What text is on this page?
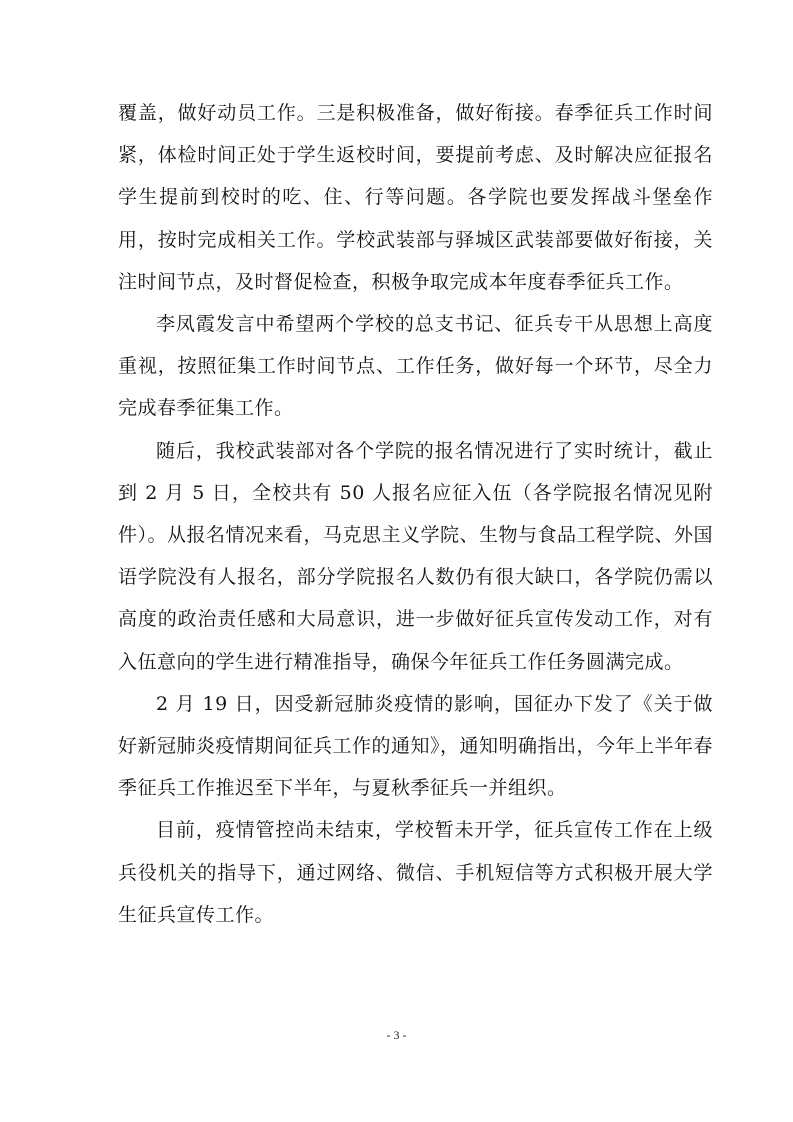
覆盖，做好动员工作。三是积极准备，做好衔接。春季征兵工作时间紧，体检时间正处于学生返校时间，要提前考虑、及时解决应征报名学生提前到校时的吃、住、行等问题。各学院也要发挥战斗堡垒作用，按时完成相关工作。学校武装部与驿城区武装部要做好衔接，关注时间节点，及时督促检查，积极争取完成本年度春季征兵工作。

李凤霞发言中希望两个学校的总支书记、征兵专干从思想上高度重视，按照征集工作时间节点、工作任务，做好每一个环节，尽全力完成春季征集工作。

随后，我校武装部对各个学院的报名情况进行了实时统计，截止到 2 月 5 日，全校共有 50 人报名应征入伍（各学院报名情况见附件）。从报名情况来看，马克思主义学院、生物与食品工程学院、外国语学院没有人报名，部分学院报名人数仍有很大缺口，各学院仍需以高度的政治责任感和大局意识，进一步做好征兵宣传发动工作，对有入伍意向的学生进行精准指导，确保今年征兵工作任务圆满完成。

2 月 19 日，因受新冠肺炎疫情的影响，国征办下发了《关于做好新冠肺炎疫情期间征兵工作的通知》，通知明确指出，今年上半年春季征兵工作推迟至下半年，与夏秋季征兵一并组织。

目前，疫情管控尚未结束，学校暂未开学，征兵宣传工作在上级兵役机关的指导下，通过网络、微信、手机短信等方式积极开展大学生征兵宣传工作。

- 3 -
